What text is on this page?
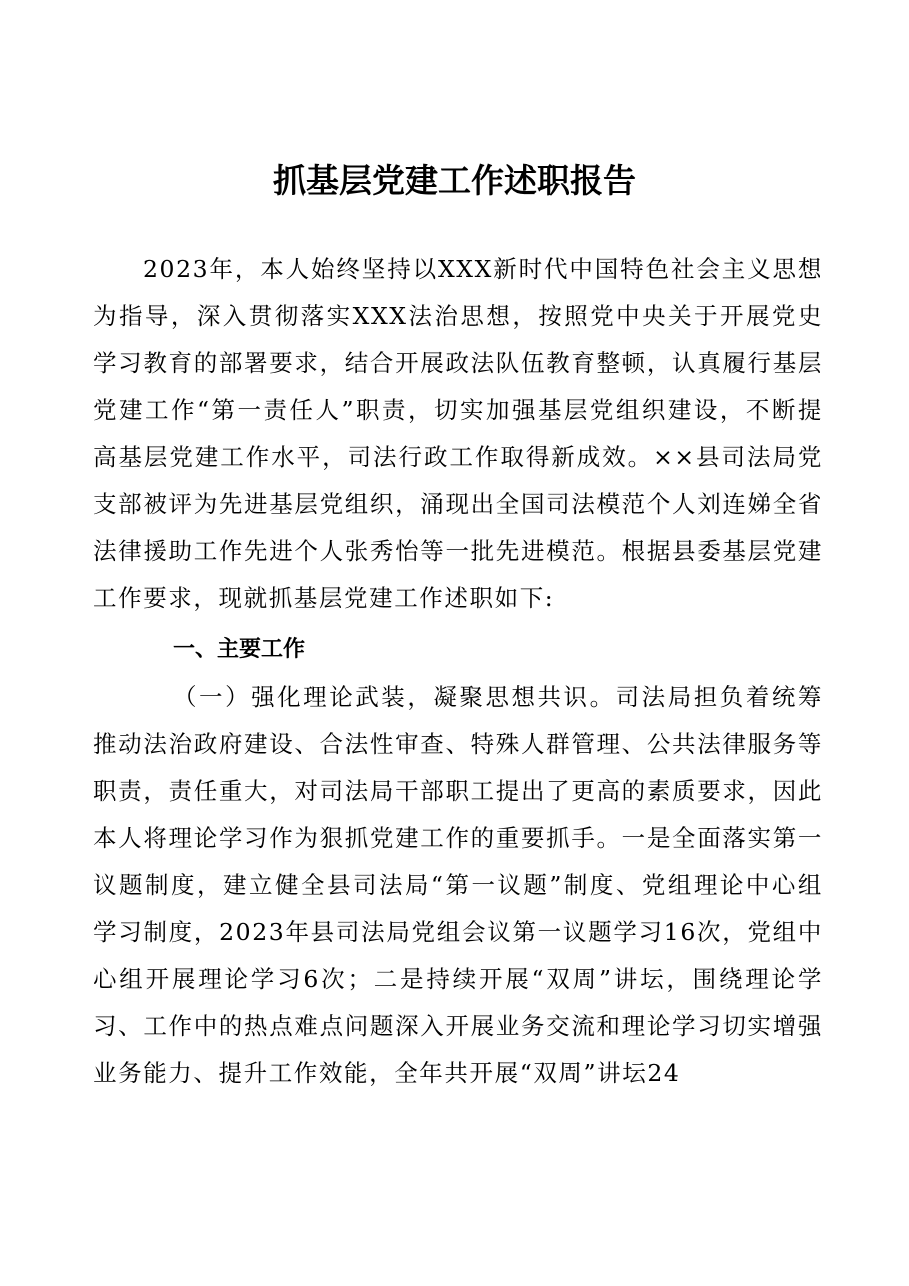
抓基层党建工作述职报告

2023年，本人始终坚持以XXX新时代中国特色社会主义思想为指导，深入贯彻落实XXX法治思想，按照党中央关于开展党史学习教育的部署要求，结合开展政法队伍教育整顿，认真履行基层党建工作“第一责任人”职责，切实加强基层党组织建设，不断提高基层党建工作水平，司法行政工作取得新成效。××县司法局党支部被评为先进基层党组织，涌现出全国司法模范个人刘连娣全省法律援助工作先进个人张秀怡等一批先进模范。根据县委基层党建工作要求，现就抓基层党建工作述职如下:

一、主要工作

（一）强化理论武装，凝聚思想共识。司法局担负着统筹推动法治政府建设、合法性审查、特殊人群管理、公共法律服务等职责，责任重大，对司法局干部职工提出了更高的素质要求，因此本人将理论学习作为狠抓党建工作的重要抓手。一是全面落实第一议题制度，建立健全县司法局“第一议题”制度、党组理论中心组学习制度，2023年县司法局党组会议第一议题学习16次，党组中心组开展理论学习6次；二是持续开展“双周”讲坛，围绕理论学习、工作中的热点难点问题深入开展业务交流和理论学习切实增强业务能力、提升工作效能，全年共开展“双周”讲坛24
